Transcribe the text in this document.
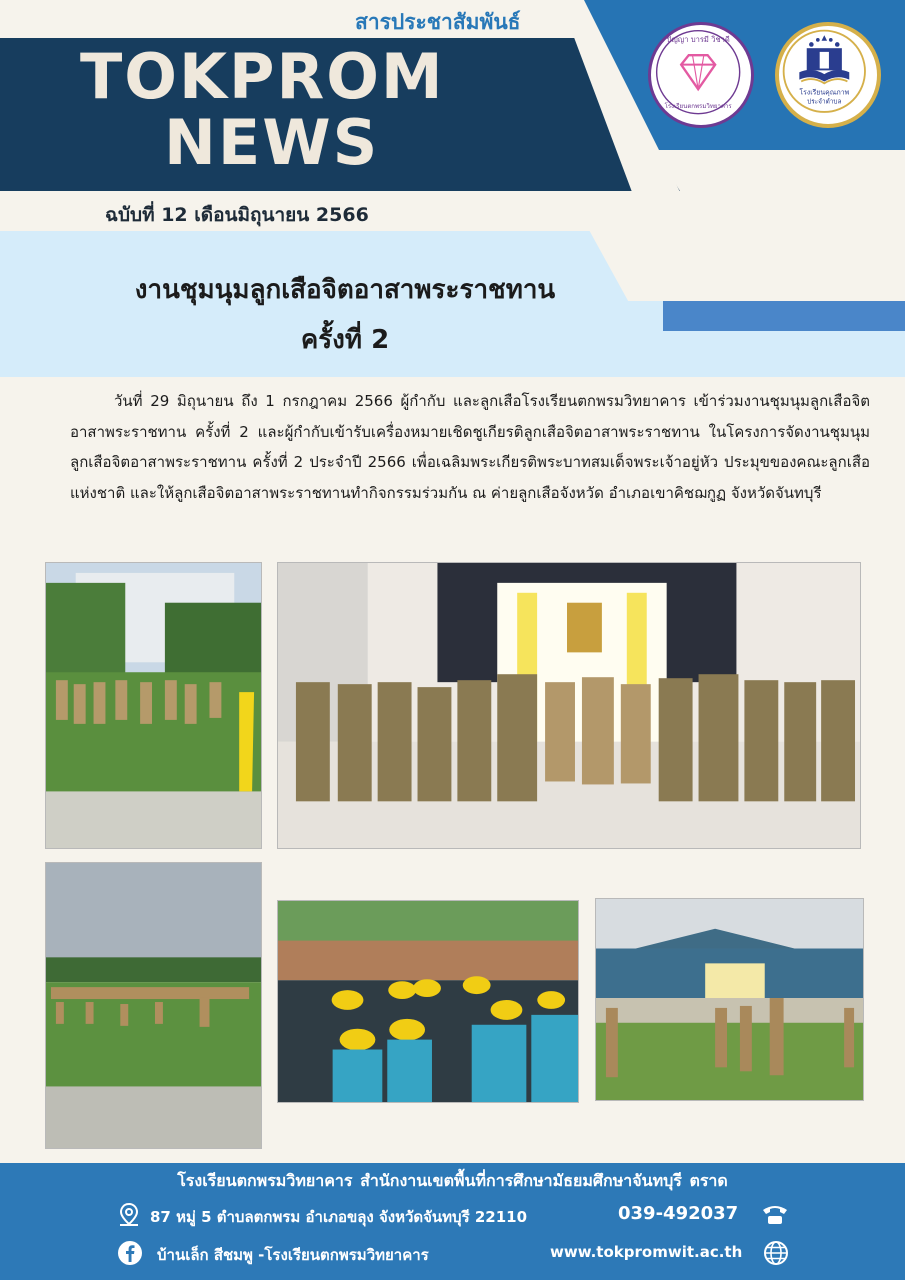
สารประชาสัมพันธ์
TOKPROM
NEWS
ฉบับที่ 12 เดือนมิถุนายน 2566
ปัญญา บารมี วิชาดี
โรงเรียนตกพรมวิทยาคาร
โรงเรียนคุณภาพ
ประจำตำบล
งานชุมนุมลูกเสือจิตอาสาพระราชทาน
ครั้งที่ 2
วันที่ 29 มิถุนายน ถึง 1 กรกฎาคม 2566 ผู้กำกับ และลูกเสือโรงเรียนตกพรมวิทยาคาร เข้าร่วมงานชุมนุมลูกเสือจิตอาสาพระราชทาน ครั้งที่ 2 และผู้กำกับเข้ารับเครื่องหมายเชิดชูเกียรติลูกเสือจิตอาสาพระราชทาน ในโครงการจัดงานชุมนุมลูกเสือจิตอาสาพระราชทาน ครั้งที่ 2 ประจำปี 2566 เพื่อเฉลิมพระเกียรติพระบาทสมเด็จพระเจ้าอยู่หัว ประมุขของคณะลูกเสือแห่งชาติ และให้ลูกเสือจิตอาสาพระราชทานทำกิจกรรมร่วมกัน ณ ค่ายลูกเสือจังหวัด อำเภอเขาคิชฌกูฏ จังหวัดจันทบุรี
โรงเรียนตกพรมวิทยาคาร สำนักงานเขตพื้นที่การศึกษามัธยมศึกษาจันทบุรี ตราด
87 หมู่ 5 ตำบลตกพรม อำเภอขลุง จังหวัดจันทบุรี 22110	039-492037
บ้านเล็ก สีชมพู -โรงเรียนตกพรมวิทยาคาร	www.tokpromwit.ac.th
